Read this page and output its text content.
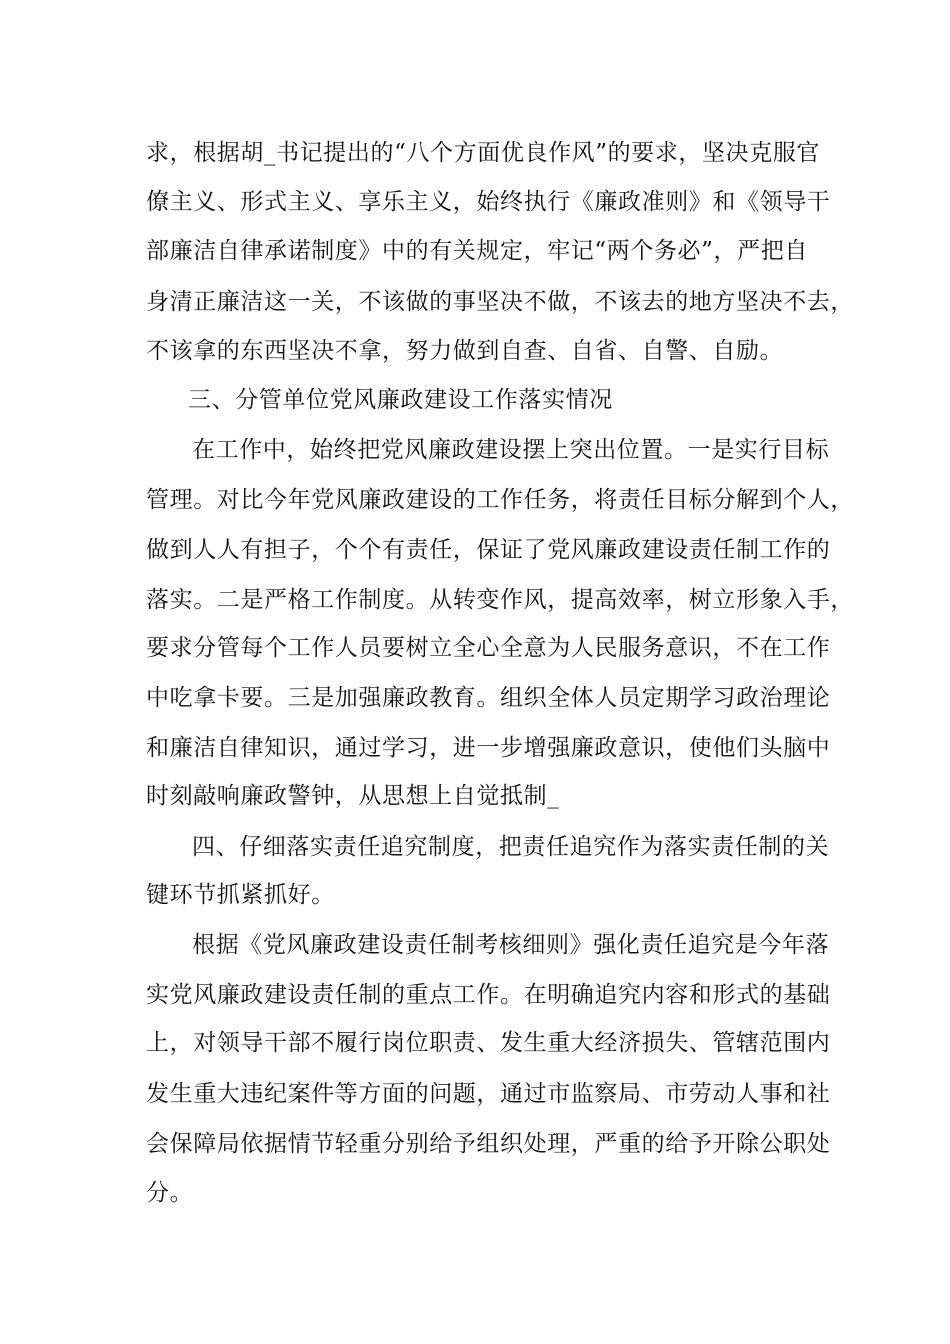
求，根据胡_书记提出的“八个方面优良作风”的要求，坚决克服官
僚主义、形式主义、享乐主义，始终执行《廉政准则》和《领导干
部廉洁自律承诺制度》中的有关规定，牢记“两个务必”，严把自
身清正廉洁这一关，不该做的事坚决不做，不该去的地方坚决不去，
不该拿的东西坚决不拿，努力做到自查、自省、自警、自励。
三、分管单位党风廉政建设工作落实情况
在工作中，始终把党风廉政建设摆上突出位置。一是实行目标
管理。对比今年党风廉政建设的工作任务，将责任目标分解到个人，
做到人人有担子，个个有责任，保证了党风廉政建设责任制工作的
落实。二是严格工作制度。从转变作风，提高效率，树立形象入手，
要求分管每个工作人员要树立全心全意为人民服务意识，不在工作
中吃拿卡要。三是加强廉政教育。组织全体人员定期学习政治理论
和廉洁自律知识，通过学习，进一步增强廉政意识，使他们头脑中
时刻敲响廉政警钟，从思想上自觉抵制_
四、仔细落实责任追究制度，把责任追究作为落实责任制的关
键环节抓紧抓好。
根据《党风廉政建设责任制考核细则》强化责任追究是今年落
实党风廉政建设责任制的重点工作。在明确追究内容和形式的基础
上，对领导干部不履行岗位职责、发生重大经济损失、管辖范围内
发生重大违纪案件等方面的问题，通过市监察局、市劳动人事和社
会保障局依据情节轻重分别给予组织处理，严重的给予开除公职处
分。
